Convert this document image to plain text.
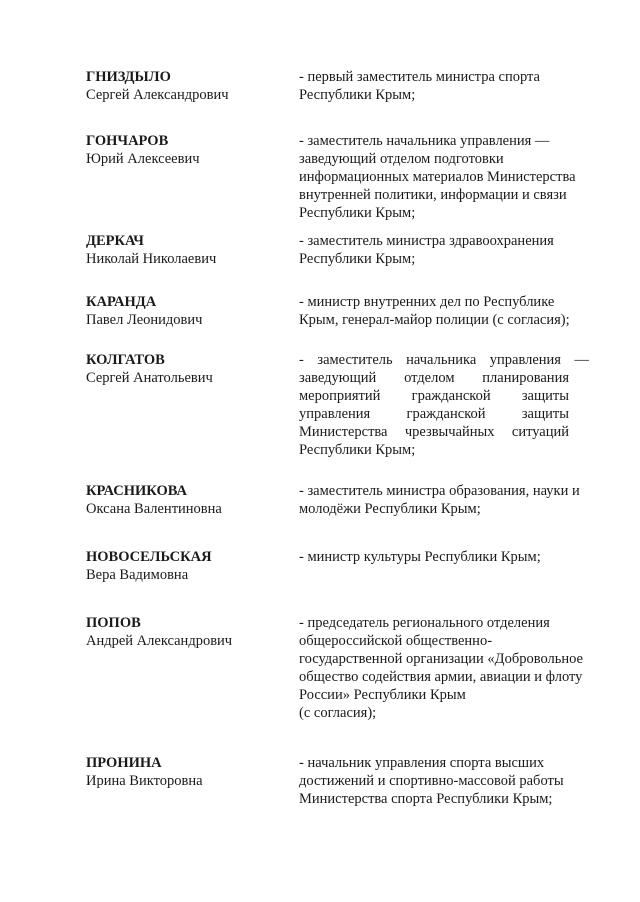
ГНИЗДЫЛО
Сергей Александрович
- первый заместитель министра спорта
Республики Крым;
ГОНЧАРОВ
Юрий Алексеевич
- заместитель начальника управления —
заведующий отделом подготовки
информационных материалов Министерства
внутренней политики, информации и связи
Республики Крым;
ДЕРКАЧ
Николай Николаевич
- заместитель министра здравоохранения
Республики Крым;
КАРАНДА
Павел Леонидович
- министр внутренних дел по Республике
Крым, генерал-майор полиции (с согласия);
КОЛГАТОВ
Сергей Анатольевич
- заместитель начальника управления —
заведующий отделом планирования
мероприятий гражданской защиты
управления гражданской защиты
Министерства чрезвычайных ситуаций
Республики Крым;
КРАСНИКОВА
Оксана Валентиновна
- заместитель министра образования, науки и
молодёжи Республики Крым;
НОВОСЕЛЬСКАЯ
Вера Вадимовна
- министр культуры Республики Крым;
ПОПОВ
Андрей Александрович
- председатель регионального отделения
общероссийской общественно-
государственной организации «Добровольное
общество содействия армии, авиации и флоту
России» Республики Крым
(с согласия);
ПРОНИНА
Ирина Викторовна
- начальник управления спорта высших
достижений и спортивно-массовой работы
Министерства спорта Республики Крым;
